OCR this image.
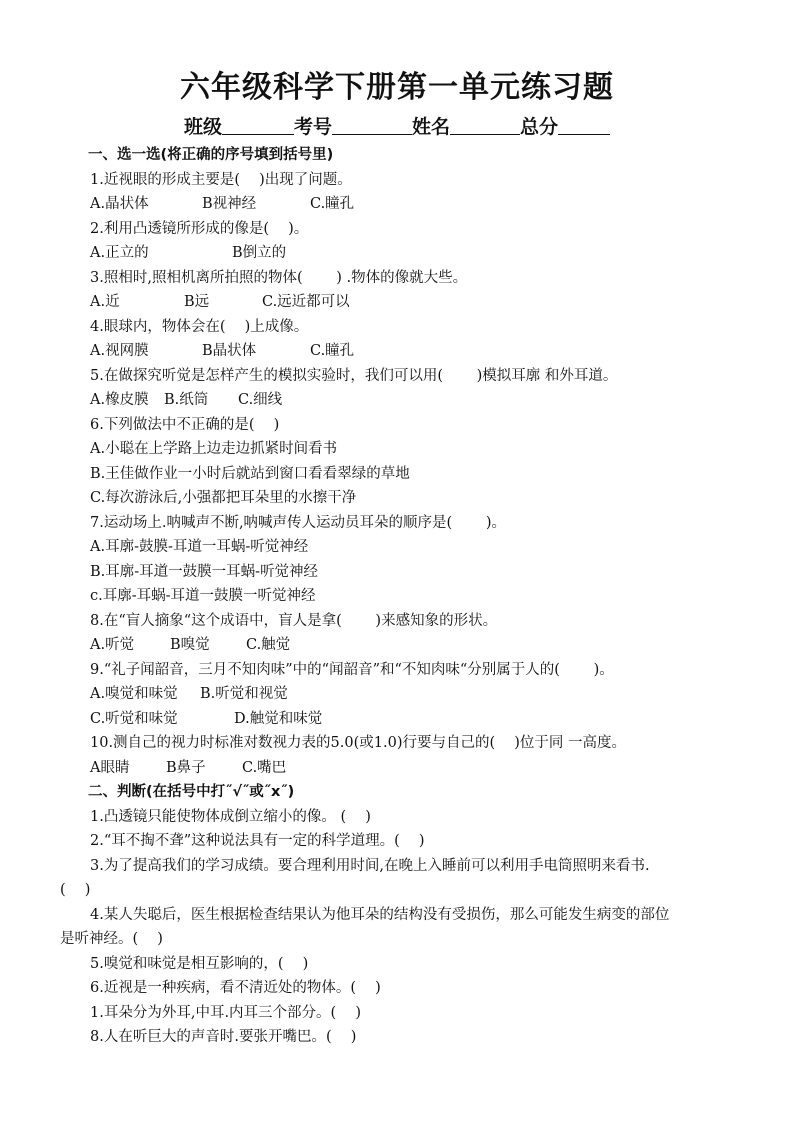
六年级科学下册第一单元练习题
班级	考号	姓名	总分
一、选一选(将正确的序号填到括号里)
1.近视眼的形成主要是(　 )出现了问题。
A.晶状体	B视神经	C.瞳孔
2.利用凸透镜所形成的像是(　 )。
A.正立的	B倒立的
3.照相时,照相机离所拍照的物体(　　 ) .物体的像就大些。
A.近	B远	C.远近都可以
4.眼球内，物体会在(　 )上成像。
A.视网膜	B晶状体	C.瞳孔
5.在做探究听觉是怎样产生的模拟实验时，我们可以用(　　 )模拟耳廓 和外耳道。
A.橡皮膜 B.纸筒 C.细线
6.下列做法中不正确的是(　 )
A.小聪在上学路上边走边抓紧时间看书
B.王佳做作业一小时后就站到窗口看看翠绿的草地
C.每次游泳后,小强都把耳朵里的水擦干净
7.运动场上.呐喊声不断,呐喊声传人运动员耳朵的顺序是(　　 )。
A.耳廓-鼓膜-耳道一耳蜗-听觉神经
B.耳廓-耳道一鼓膜一耳蜗-听觉神经
c.耳廓-耳蜗-耳道一鼓膜一听觉神经
8.在“盲人摘象“这个成语中，盲人是拿(　　 )来感知象的形状。
A.听觉 B嗅觉	C.触觉
9.“礼子闻韶音，三月不知肉味”中的“闻韶音”和“不知肉味“分别属于人的(　　 )。
A.嗅觉和味觉 B.听觉和视觉
C.听觉和味觉	D.触觉和味觉
10.测自己的视力时标准对数视力表的5.0(或1.0)行要与自己的(　 )位于同 一高度。
A眼睛	B鼻子	C.嘴巴
二、判断(在括号中打˝√˝或˝x˝)
1.凸透镜只能使物体成倒立缩小的像。 (　 )
2.“耳不掏不聋”这种说法具有一定的科学道理。(　 )
3.为了提高我们的学习成绩。要合理利用时间,在晚上入睡前可以利用手电筒照明来看书.
(　 )
4.某人失聪后，医生根据检查结果认为他耳朵的结构没有受损伤，那么可能发生病变的部位
是听神经。(　 )
5.嗅觉和味觉是相互影响的，(　 )
6.近视是一种疾病，看不清近处的物体。(　 )
1.耳朵分为外耳,中耳.内耳三个部分。(　 )
8.人在听巨大的声音时.要张开嘴巴。(　 )
